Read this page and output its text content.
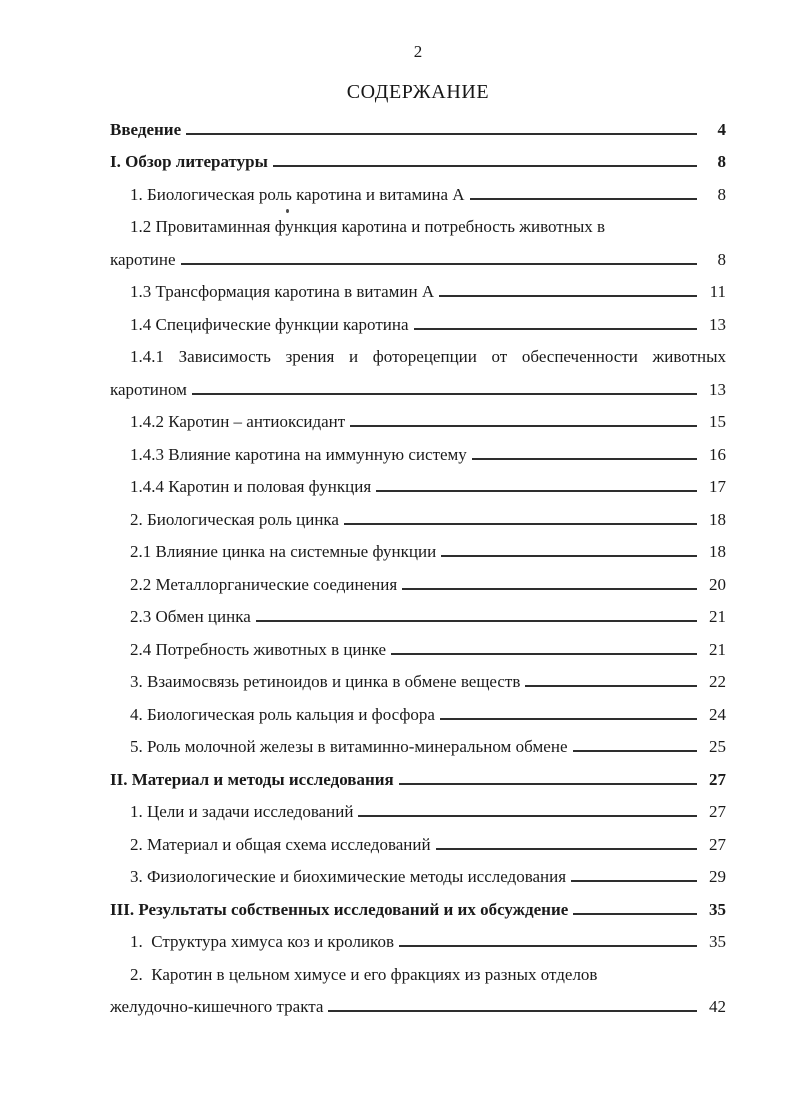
2
СОДЕРЖАНИЕ
Введение	4
I. Обзор литературы	8
1. Биологическая роль каротина и витамина А	8
1.2 Провитаминная функция каротина и потребность животных в
каротине	8
1.3 Трансформация каротина в витамин А	11
1.4 Специфические функции каротина	13
1.4.1 Зависимость зрения и фоторецепции от обеспеченности животных
каротином	13
1.4.2 Каротин – антиоксидант	15
1.4.3 Влияние каротина на иммунную систему	16
1.4.4 Каротин и половая функция	17
2. Биологическая роль цинка	18
2.1 Влияние цинка на системные функции	18
2.2 Металлорганические соединения	20
2.3 Обмен цинка	21
2.4 Потребность животных в цинке	21
3. Взаимосвязь ретиноидов и цинка в обмене веществ	22
4. Биологическая роль кальция и фосфора	24
5. Роль молочной железы в витаминно-минеральном обмене	25
II. Материал и методы исследования	27
1. Цели и задачи исследований	27
2. Материал и общая схема исследований	27
3. Физиологические и биохимические методы исследования	29
III. Результаты собственных исследований и их обсуждение	35
1.  Структура химуса коз и кроликов	35
2.  Каротин в цельном химусе и его фракциях из разных отделов
желудочно-кишечного тракта	42
